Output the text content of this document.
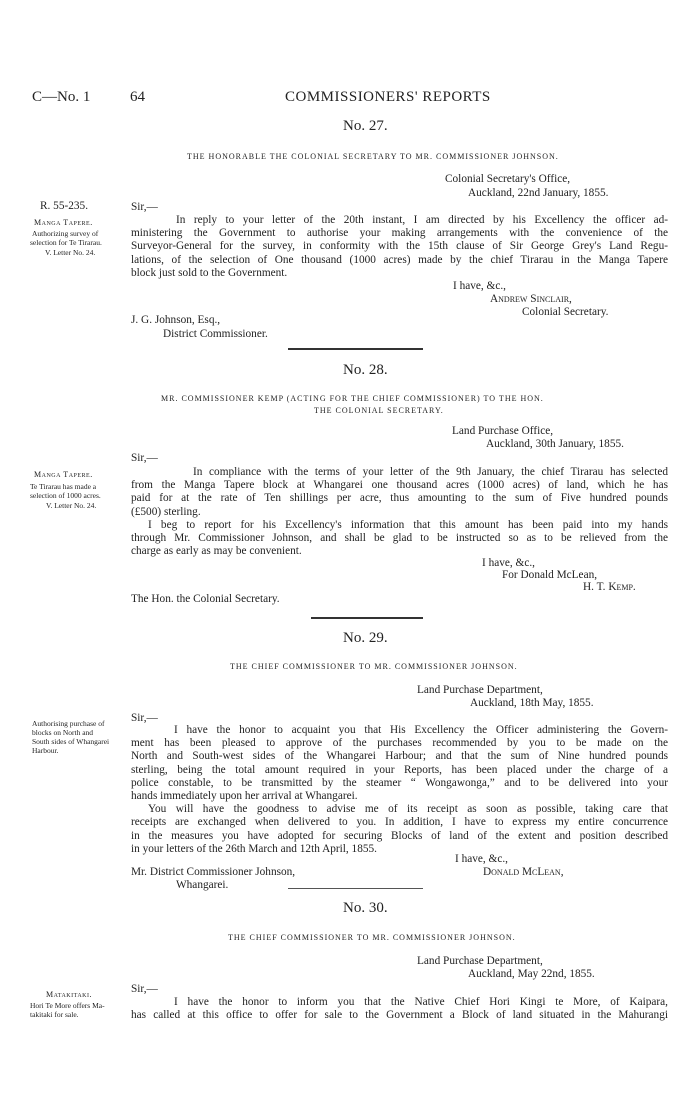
C—No. 1	64	COMMISSIONERS' REPORTS
No. 27.
THE HONORABLE THE COLONIAL SECRETARY TO MR. COMMISSIONER JOHNSON.
Colonial Secretary's Office,
Auckland, 22nd January, 1855.
R. 55-235.	Sir,—
Manga Tapere.
Authorizing survey of
selection for Te Tirarau.
V. Letter No. 24.
In reply to your letter of the 20th instant, I am directed by his Excellency the officer ad-
ministering the Government to authorise your making arrangements with the convenience of the
Surveyor-General for the survey, in conformity with the 15th clause of Sir George Grey's Land Regu-
lations, of the selection of One thousand (1000 acres) made by the chief Tirarau in the Manga Tapere
block just sold to the Government.
I have, &c.,
Andrew Sinclair,
Colonial Secretary.
J. G. Johnson, Esq.,
District Commissioner.
No. 28.
MR. COMMISSIONER KEMP (ACTING FOR THE CHIEF COMMISSIONER) TO THE HON.
THE COLONIAL SECRETARY.
Land Purchase Office,
Auckland, 30th January, 1855.
Sir,—
Manga Tapere.
Te Tirarau has made a
selection of 1000 acres.
V. Letter No. 24.
In compliance with the terms of your letter of the 9th January, the chief Tirarau has selected
from the Manga Tapere block at Whangarei one thousand acres (1000 acres) of land, which he has
paid for at the rate of Ten shillings per acre, thus amounting to the sum of Five hundred pounds
(£500) sterling.
I beg to report for his Excellency's information that this amount has been paid into my hands
through Mr. Commissioner Johnson, and shall be glad to be instructed so as to be relieved from the
charge as early as may be convenient.
I have, &c.,
For Donald McLean,
H. T. Kemp.
The Hon. the Colonial Secretary.
No. 29.
THE CHIEF COMMISSIONER TO MR. COMMISSIONER JOHNSON.
Land Purchase Department,
Auckland, 18th May, 1855.
Sir,—
Authorising purchase of
blocks on North and
South sides of Whangarei
Harbour.
I have the honor to acquaint you that His Excellency the Officer administering the Govern-
ment has been pleased to approve of the purchases recommended by you to be made on the
North and South-west sides of the Whangarei Harbour; and that the sum of Nine hundred pounds
sterling, being the total amount required in your Reports, has been placed under the charge of a
police constable, to be transmitted by the steamer “ Wongawonga,” and to be delivered into your
hands immediately upon her arrival at Whangarei.
You will have the goodness to advise me of its receipt as soon as possible, taking care that
receipts are exchanged when delivered to you. In addition, I have to express my entire concurrence
in the measures you have adopted for securing Blocks of land of the extent and position described
in your letters of the 26th March and 12th April, 1855.
I have, &c.,
Donald McLean,
Mr. District Commissioner Johnson,
Whangarei.
No. 30.
THE CHIEF COMMISSIONER TO MR. COMMISSIONER JOHNSON.
Land Purchase Department,
Auckland, May 22nd, 1855.
Sir,—
Matakitaki.
Hori Te More offers Ma-
takitaki for sale.
I have the honor to inform you that the Native Chief Hori Kingi te More, of Kaipara,
has called at this office to offer for sale to the Government a Block of land situated in the Mahurangi
